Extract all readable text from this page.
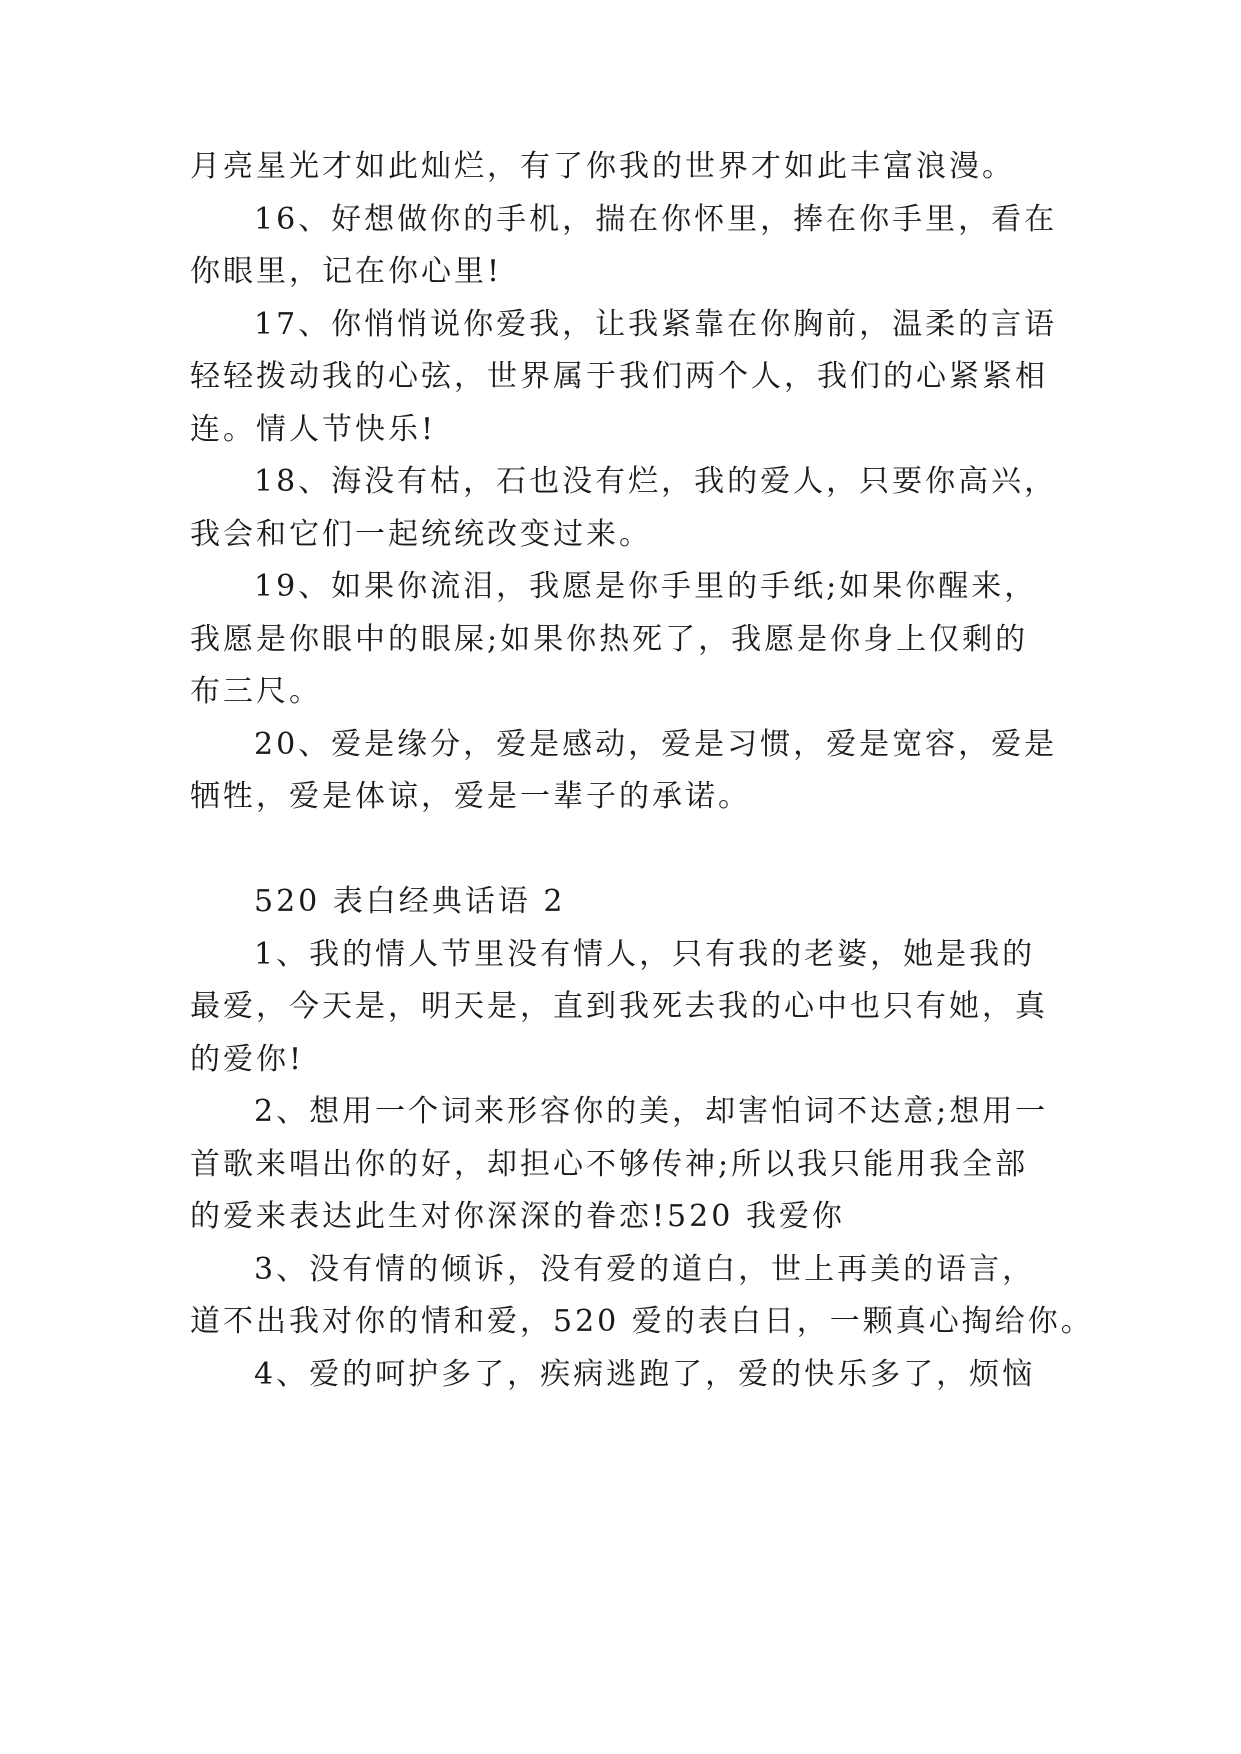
月亮星光才如此灿烂，有了你我的世界才如此丰富浪漫。
16、好想做你的手机，揣在你怀里，捧在你手里，看在
你眼里，记在你心里!
17、你悄悄说你爱我，让我紧靠在你胸前，温柔的言语
轻轻拨动我的心弦，世界属于我们两个人，我们的心紧紧相
连。情人节快乐!
18、海没有枯，石也没有烂，我的爱人，只要你高兴，
我会和它们一起统统改变过来。
19、如果你流泪，我愿是你手里的手纸;如果你醒来，
我愿是你眼中的眼屎;如果你热死了，我愿是你身上仅剩的
布三尺。
20、爱是缘分，爱是感动，爱是习惯，爱是宽容，爱是
牺牲，爱是体谅，爱是一辈子的承诺。
520 表白经典话语 2
1、我的情人节里没有情人，只有我的老婆，她是我的
最爱，今天是，明天是，直到我死去我的心中也只有她，真
的爱你!
2、想用一个词来形容你的美，却害怕词不达意;想用一
首歌来唱出你的好，却担心不够传神;所以我只能用我全部
的爱来表达此生对你深深的眷恋!520 我爱你
3、没有情的倾诉，没有爱的道白，世上再美的语言，
道不出我对你的情和爱，520 爱的表白日，一颗真心掏给你。
4、爱的呵护多了，疾病逃跑了，爱的快乐多了，烦恼
